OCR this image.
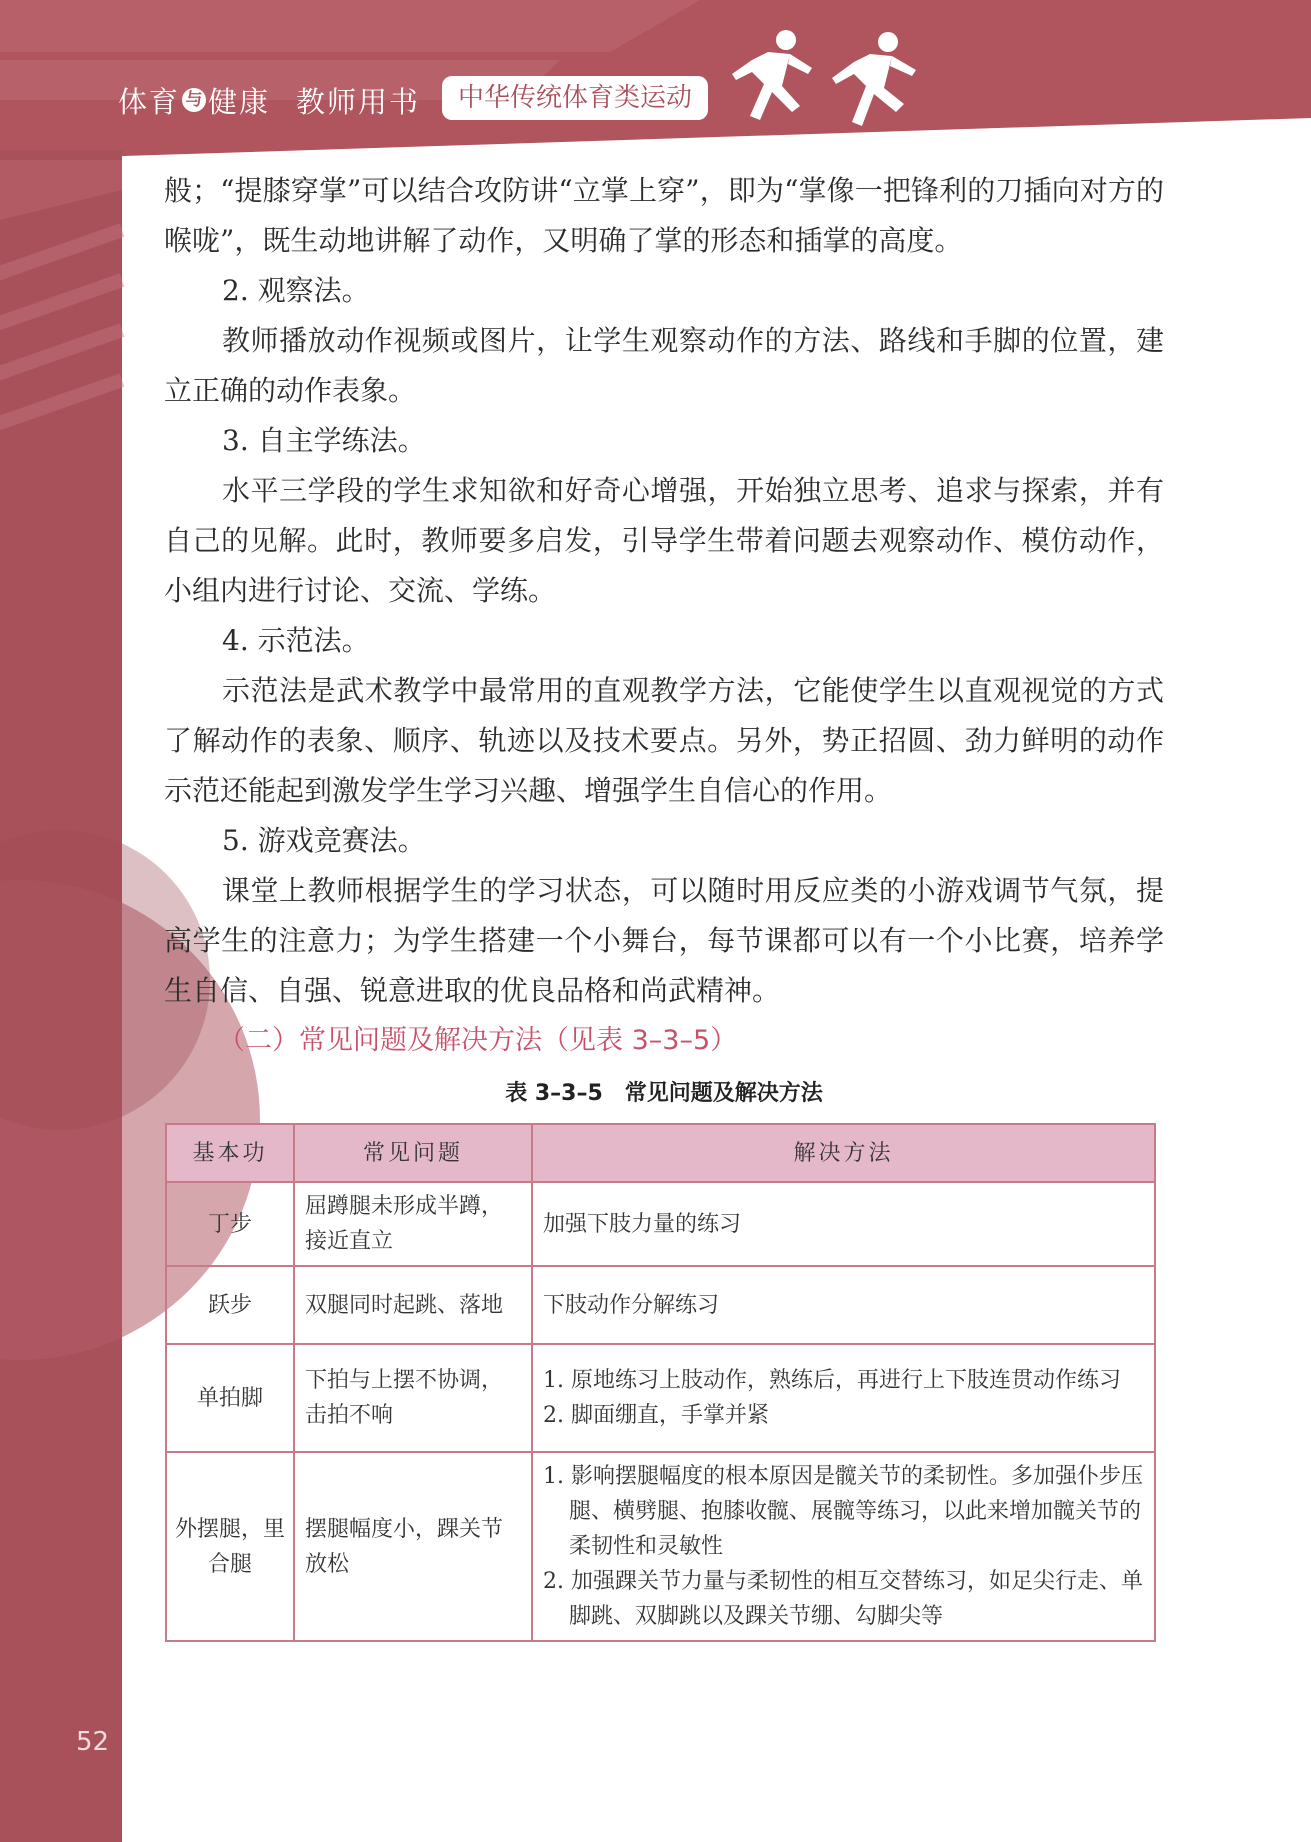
体育 与 健康 教师用书	中华传统体育类运动

般；“提膝穿掌”可以结合攻防讲“立掌上穿”，即为“掌像一把锋利的刀插向对方的喉咙”，既生动地讲解了动作，又明确了掌的形态和插掌的高度。

2. 观察法。

教师播放动作视频或图片，让学生观察动作的方法、路线和手脚的位置，建立正确的动作表象。

3. 自主学练法。

水平三学段的学生求知欲和好奇心增强，开始独立思考、追求与探索，并有自己的见解。此时，教师要多启发，引导学生带着问题去观察动作、模仿动作，小组内进行讨论、交流、学练。

4. 示范法。

示范法是武术教学中最常用的直观教学方法，它能使学生以直观视觉的方式了解动作的表象、顺序、轨迹以及技术要点。另外，势正招圆、劲力鲜明的动作示范还能起到激发学生学习兴趣、增强学生自信心的作用。

5. 游戏竞赛法。

课堂上教师根据学生的学习状态，可以随时用反应类的小游戏调节气氛，提高学生的注意力；为学生搭建一个小舞台，每节课都可以有一个小比赛，培养学生自信、自强、锐意进取的优良品格和尚武精神。

（二）常见问题及解决方法（见表 3–3–5）

表 3–3–5　常见问题及解决方法
基本功	常见问题	解决方法
丁步	屈蹲腿未形成半蹲，接近直立	加强下肢力量的练习
跃步	双腿同时起跳、落地	下肢动作分解练习
单拍脚	下拍与上摆不协调，击拍不响	1. 原地练习上肢动作，熟练后，再进行上下肢连贯动作练习
2. 脚面绷直，手掌并紧

外摆腿，里合腿	摆腿幅度小，踝关节放松	1. 影响摆腿幅度的根本原因是髋关节的柔韧性。多加强仆步压腿、横劈腿、抱膝收髋、展髋等练习，以此来增加髋关节的柔韧性和灵敏性
2. 加强踝关节力量与柔韧性的相互交替练习，如足尖行走、单脚跳、双脚跳以及踝关节绷、勾脚尖等
52
